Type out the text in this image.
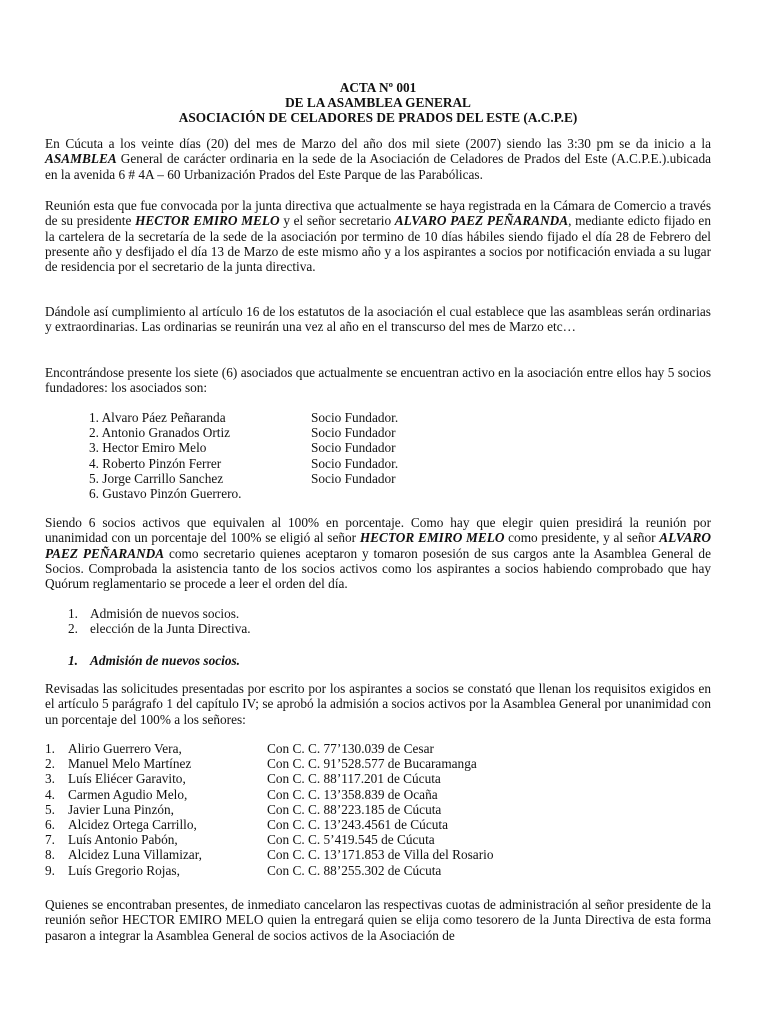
ACTA Nº 001
DE LA ASAMBLEA GENERAL
ASOCIACIÓN DE CELADORES DE PRADOS DEL ESTE (A.C.P.E)
En Cúcuta a los veinte días (20) del mes de Marzo del año dos mil siete (2007) siendo las 3:30 pm se da inicio a la ASAMBLEA General de carácter ordinaria en la sede de la Asociación de Celadores de Prados del Este (A.C.P.E.).ubicada en la avenida 6 # 4A – 60 Urbanización Prados del Este Parque de las Parabólicas.
Reunión esta que fue convocada por la junta directiva que actualmente se haya registrada en la Cámara de Comercio a través de su presidente HECTOR EMIRO MELO y el señor secretario ALVARO PAEZ PEÑARANDA, mediante edicto fijado en la cartelera de la secretaría de la sede de la asociación por termino de 10 días hábiles siendo fijado el día 28 de Febrero del presente año y desfijado el día 13 de Marzo de este mismo año y a los aspirantes a socios por notificación enviada a su lugar de residencia por el secretario de la junta directiva.
Dándole así cumplimiento al artículo 16 de los estatutos de la asociación el cual establece que las asambleas serán ordinarias y extraordinarias. Las ordinarias se reunirán una vez al año en el transcurso del mes de Marzo etc…
Encontrándose presente los siete (6) asociados que actualmente se encuentran activo en la asociación entre ellos hay 5 socios fundadores: los asociados son:
1. Alvaro Páez Peñaranda	Socio Fundador.
2. Antonio Granados Ortiz	Socio Fundador
3. Hector Emiro Melo	Socio Fundador
4. Roberto Pinzón Ferrer	Socio Fundador.
5. Jorge Carrillo Sanchez	Socio Fundador
6. Gustavo Pinzón Guerrero.
Siendo 6 socios activos que equivalen al 100% en porcentaje. Como hay que elegir quien presidirá la reunión por unanimidad con un porcentaje del 100% se eligió al señor HECTOR EMIRO MELO como presidente, y al señor ALVARO PAEZ PEÑARANDA como secretario quienes aceptaron y tomaron posesión de sus cargos ante la Asamblea General de Socios. Comprobada la asistencia tanto de los socios activos como los aspirantes a socios habiendo comprobado que hay Quórum reglamentario se procede a leer el orden del día.
1. Admisión de nuevos socios.
2. elección de la Junta Directiva.
1. Admisión de nuevos socios.
Revisadas las solicitudes presentadas por escrito por los aspirantes a socios se constató que llenan los requisitos exigidos en el artículo 5 parágrafo 1 del capítulo IV; se aprobó la admisión a socios activos por la Asamblea General por unanimidad con un porcentaje del 100% a los señores:
1. Alirio Guerrero Vera,	Con C. C. 77’130.039 de Cesar
2. Manuel Melo Martínez	Con C. C. 91’528.577 de Bucaramanga
3. Luís Eliécer Garavito,	Con C. C. 88’117.201 de Cúcuta
4. Carmen Agudio Melo,	Con C. C. 13’358.839 de Ocaña
5. Javier Luna Pinzón,	Con C. C. 88’223.185 de Cúcuta
6. Alcidez Ortega Carrillo,	Con C. C. 13’243.4561 de Cúcuta
7. Luís Antonio Pabón,	Con C. C. 5’419.545 de Cúcuta
8. Alcidez Luna Villamizar,	Con C. C. 13’171.853 de Villa del Rosario
9. Luís Gregorio Rojas,	Con C. C. 88’255.302 de Cúcuta
Quienes se encontraban presentes, de inmediato cancelaron las respectivas cuotas de administración al señor presidente de la reunión señor HECTOR EMIRO MELO quien la entregará quien se elija como tesorero de la Junta Directiva de esta forma pasaron a integrar la Asamblea General de socios activos de la Asociación de
